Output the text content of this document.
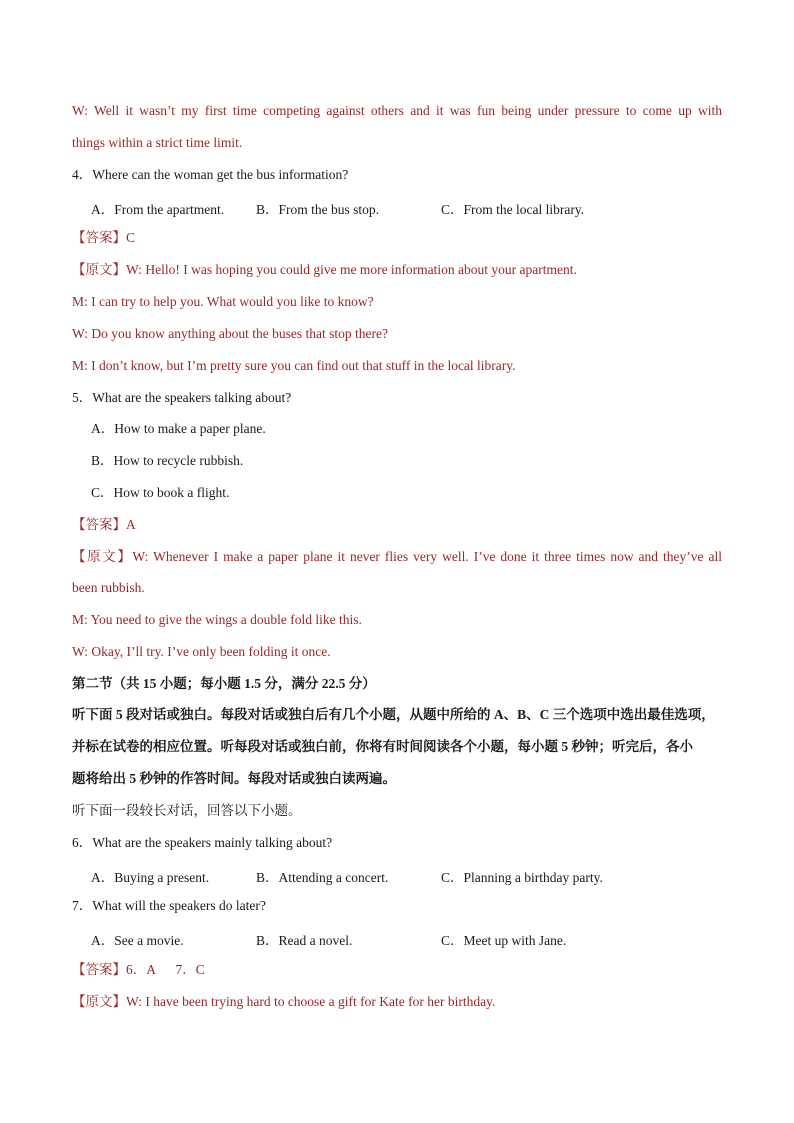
W: Well it wasn’t my first time competing against others and it was fun being under pressure to come up with
things within a strict time limit.
4．Where can the woman get the bus information?
A．From the apartment. B．From the bus stop.	C．From the local library.
【答案】C
【原文】W: Hello! I was hoping you could give me more information about your apartment.
M: I can try to help you. What would you like to know?
W: Do you know anything about the buses that stop there?
M: I don’t know, but I’m pretty sure you can find out that stuff in the local library.
5．What are the speakers talking about?
A．How to make a paper plane.
B．How to recycle rubbish.
C．How to book a flight.
【答案】A
【原文】W: Whenever I make a paper plane it never flies very well. I’ve done it three times now and they’ve all
been rubbish.
M: You need to give the wings a double fold like this.
W: Okay, I’ll try. I’ve only been folding it once.
第二节（共 15 小题；每小题 1.5 分，满分 22.5 分）
听下面 5 段对话或独白。每段对话或独白后有几个小题，从题中所给的 A、B、C 三个选项中选出最佳选项，
并标在试卷的相应位置。听每段对话或独白前，你将有时间阅读各个小题，每小题 5 秒钟；听完后，各小
题将给出 5 秒钟的作答时间。每段对话或独白读两遍。
听下面一段较长对话，回答以下小题。
6．What are the speakers mainly talking about?
A．Buying a present.	B．Attending a concert.	C．Planning a birthday party.
7．What will the speakers do later?
A．See a movie.	B．Read a novel.	C．Meet up with Jane.
【答案】6．A      7．C
【原文】W: I have been trying hard to choose a gift for Kate for her birthday.
